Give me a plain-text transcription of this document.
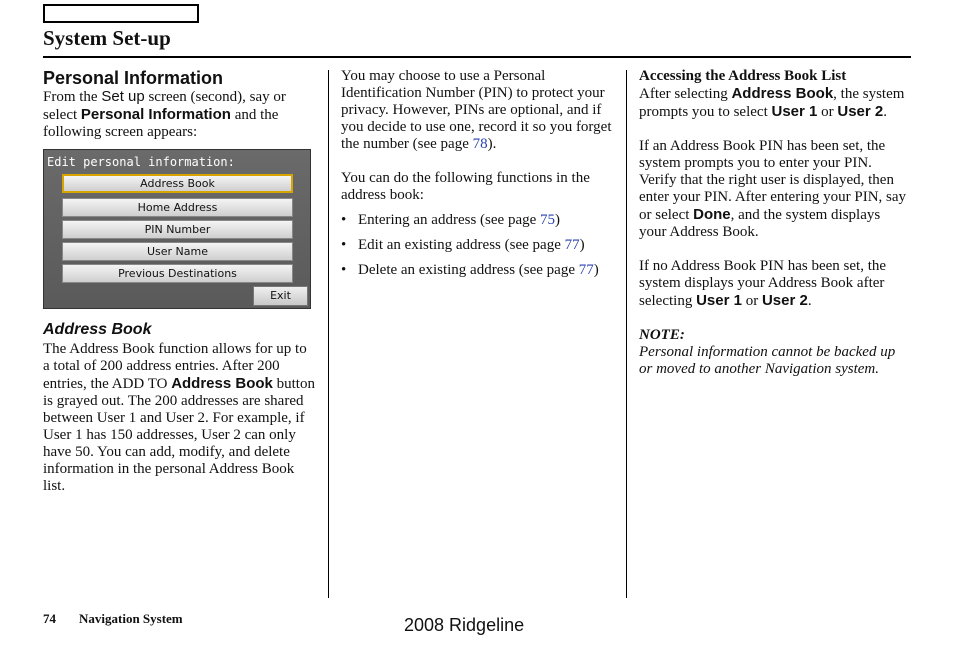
System Set-up
Personal Information

From the Set up screen (second), say or select Personal Information and the following screen appears:

Edit personal information:
Address Book
Home Address
PIN Number
User Name
Previous Destinations
Exit
Address Book

The Address Book function allows for up to a total of 200 address entries. After 200 entries, the ADD TO Address Book button is grayed out. The 200 addresses are shared between User 1 and User 2. For example, if User 1 has 150 addresses, User 2 can only have 50. You can add, modify, and delete information in the personal Address Book list.

You may choose to use a Personal Identification Number (PIN) to protect your privacy. However, PINs are optional, and if you decide to use one, record it so you forget the number (see page 78).

You can do the following functions in the address book:

• Entering an address (see page 75)
• Edit an existing address (see page 77)
• Delete an existing address (see page 77)

Accessing the Address Book List

After selecting Address Book, the system prompts you to select User 1 or User 2.

If an Address Book PIN has been set, the system prompts you to enter your PIN. Verify that the right user is displayed, then enter your PIN. After entering your PIN, say or select Done, and the system displays your Address Book.

If no Address Book PIN has been set, the system displays your Address Book after selecting User 1 or User 2.

NOTE:

Personal information cannot be backed up or moved to another Navigation system.

74 Navigation System	2008 Ridgeline
